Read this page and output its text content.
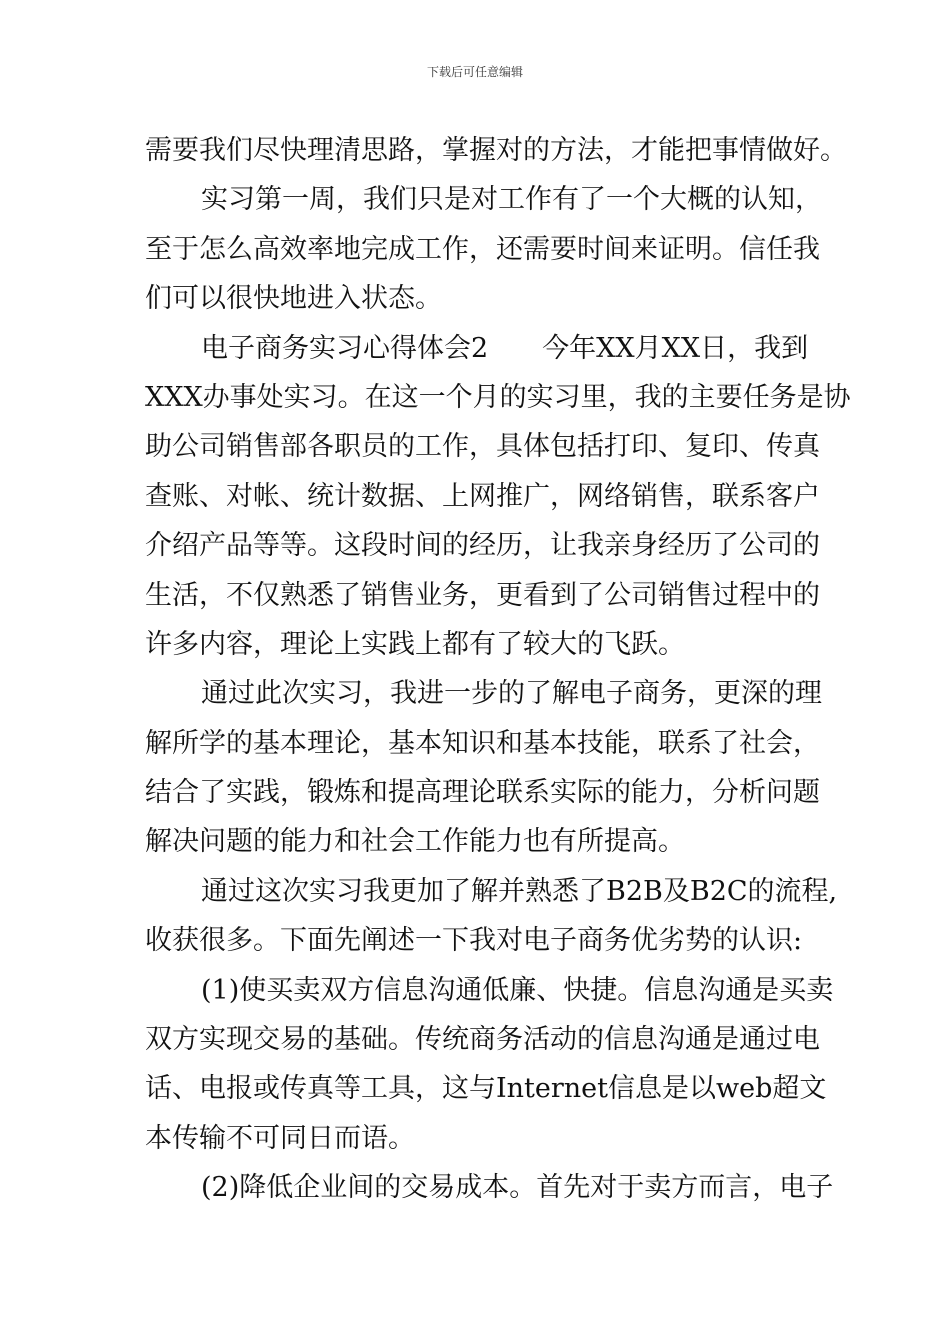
下载后可任意编辑
需要我们尽快理清思路，掌握对的方法，才能把事情做好。
实习第一周，我们只是对工作有了一个大概的认知，
至于怎么高效率地完成工作，还需要时间来证明。信任我
们可以很快地进入状态。
电子商务实习心得体会2　　今年XX月XX日，我到
XXX办事处实习。在这一个月的实习里，我的主要任务是协
助公司销售部各职员的工作，具体包括打印、复印、传真
查账、对帐、统计数据、上网推广，网络销售，联系客户
介绍产品等等。这段时间的经历，让我亲身经历了公司的
生活，不仅熟悉了销售业务，更看到了公司销售过程中的
许多内容，理论上实践上都有了较大的飞跃。
通过此次实习，我进一步的了解电子商务，更深的理
解所学的基本理论，基本知识和基本技能，联系了社会，
结合了实践，锻炼和提高理论联系实际的能力，分析问题
解决问题的能力和社会工作能力也有所提高。
通过这次实习我更加了解并熟悉了B2B及B2C的流程,
收获很多。下面先阐述一下我对电子商务优劣势的认识:
(1)使买卖双方信息沟通低廉、快捷。信息沟通是买卖
双方实现交易的基础。传统商务活动的信息沟通是通过电
话、电报或传真等工具，这与Internet信息是以web超文
本传输不可同日而语。
(2)降低企业间的交易成本。首先对于卖方而言，电子
